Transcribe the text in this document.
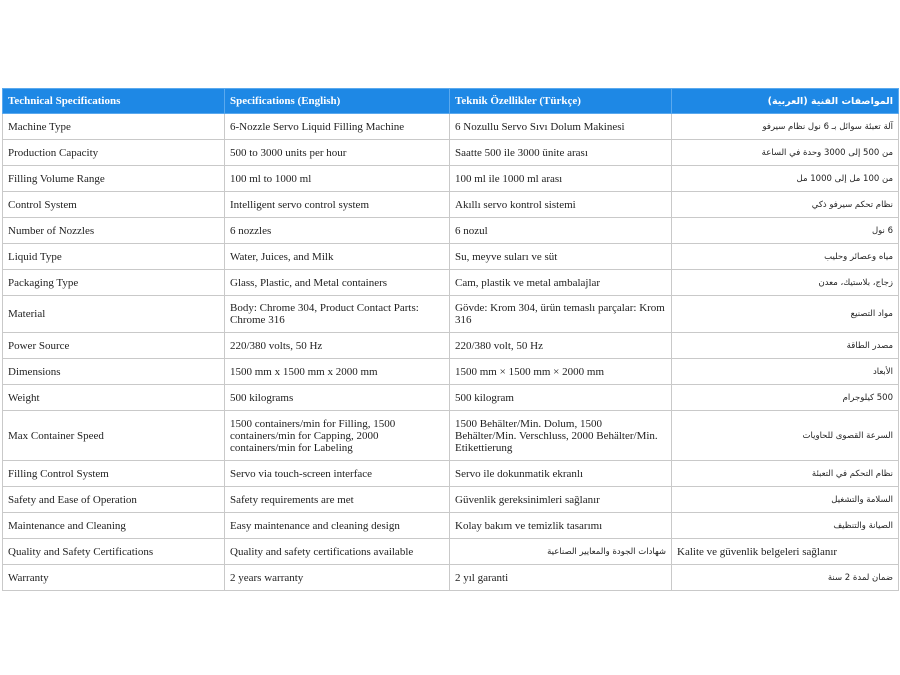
Technical Specifications	Specifications (English)	Teknik Özellikler (Türkçe)	المواصفات الفنية (العربية)
Machine Type	6-Nozzle Servo Liquid Filling Machine	6 Nozullu Servo Sıvı Dolum Makinesi	آلة تعبئة سوائل بـ 6 نول نظام سيرفو
Production Capacity	500 to 3000 units per hour	Saatte 500 ile 3000 ünite arası	من 500 إلى 3000 وحدة في الساعة
Filling Volume Range	100 ml to 1000 ml	100 ml ile 1000 ml arası	من 100 مل إلى 1000 مل
Control System	Intelligent servo control system	Akıllı servo kontrol sistemi	نظام تحكم سيرفو ذكي
Number of Nozzles	6 nozzles	6 nozul	6 نول
Liquid Type	Water, Juices, and Milk	Su, meyve suları ve süt	مياه وعصائر وحليب
Packaging Type	Glass, Plastic, and Metal containers	Cam, plastik ve metal ambalajlar	زجاج، بلاستيك، معدن
Material	Body: Chrome 304, Product Contact Parts: Chrome 316	Gövde: Krom 304, ürün temaslı parçalar: Krom 316	مواد التصنيع
Power Source	220/380 volts, 50 Hz	220/380 volt, 50 Hz	مصدر الطاقة
Dimensions	1500 mm x 1500 mm x 2000 mm	1500 mm × 1500 mm × 2000 mm	الأبعاد
Weight	500 kilograms	500 kilogram	500 كيلوجرام
Max Container Speed	1500 containers/min for Filling, 1500 containers/min for Capping, 2000 containers/min for Labeling	1500 Behälter/Min. Dolum, 1500 Behälter/Min. Verschluss, 2000 Behälter/Min. Etikettierung	السرعة القصوى للحاويات
Filling Control System	Servo via touch-screen interface	Servo ile dokunmatik ekranlı	نظام التحكم في التعبئة
Safety and Ease of Operation	Safety requirements are met	Güvenlik gereksinimleri sağlanır	السلامة والتشغيل
Maintenance and Cleaning	Easy maintenance and cleaning design	Kolay bakım ve temizlik tasarımı	الصيانة والتنظيف
Quality and Safety Certifications	Quality and safety certifications available	شهادات الجودة والمعايير الصناعية	Kalite ve güvenlik belgeleri sağlanır
Warranty	2 years warranty	2 yıl garanti	ضمان لمدة 2 سنة
